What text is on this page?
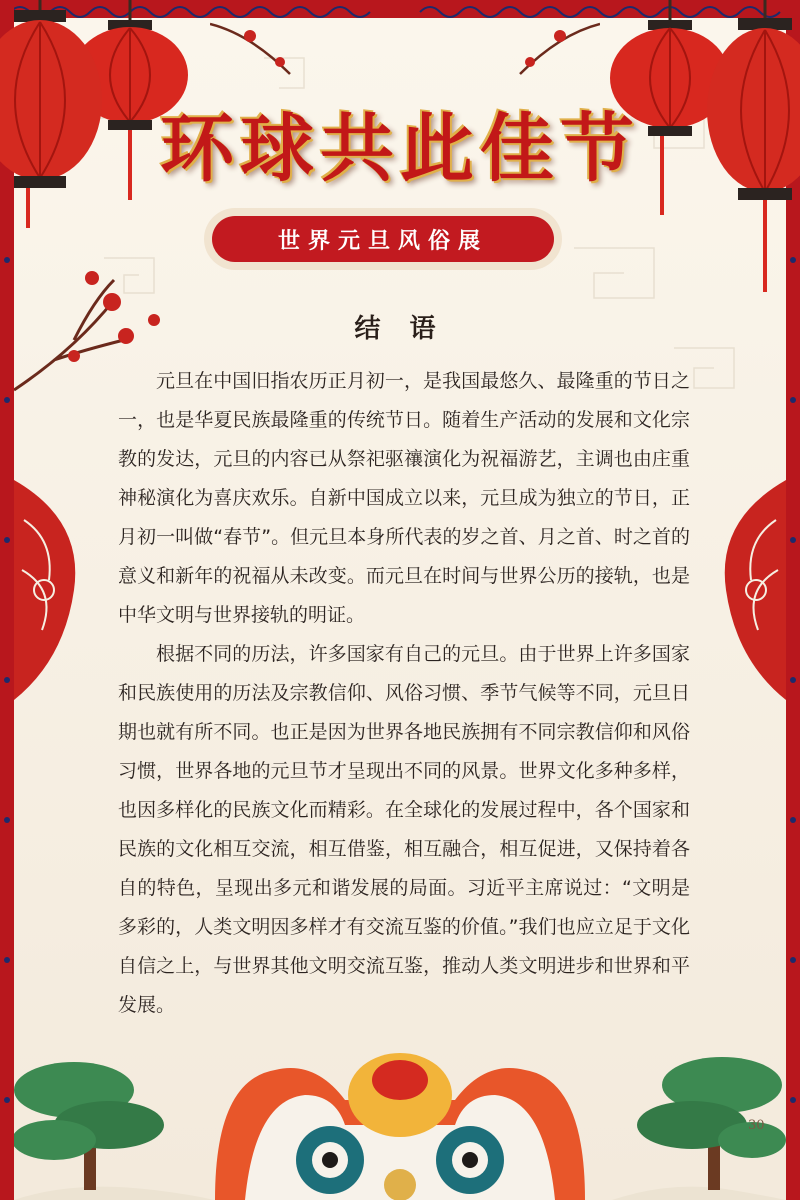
环球共此佳节
世界元旦风俗展
结 语

元旦在中国旧指农历正月初一，是我国最悠久、最隆重的节日之一，也是华夏民族最隆重的传统节日。随着生产活动的发展和文化宗教的发达，元旦的内容已从祭祀驱禳演化为祝福游艺，主调也由庄重神秘演化为喜庆欢乐。自新中国成立以来，元旦成为独立的节日，正月初一叫做“春节”。但元旦本身所代表的岁之首、月之首、时之首的意义和新年的祝福从未改变。而元旦在时间与世界公历的接轨，也是中华文明与世界接轨的明证。

根据不同的历法，许多国家有自己的元旦。由于世界上许多国家和民族使用的历法及宗教信仰、风俗习惯、季节气候等不同，元旦日期也就有所不同。也正是因为世界各地民族拥有不同宗教信仰和风俗习惯，世界各地的元旦节才呈现出不同的风景。世界文化多种多样，也因多样化的民族文化而精彩。在全球化的发展过程中，各个国家和民族的文化相互交流，相互借鉴，相互融合，相互促进，又保持着各自的特色，呈现出多元和谐发展的局面。习近平主席说过：“文明是多彩的，人类文明因多样才有交流互鉴的价值。”我们也应立足于文化自信之上，与世界其他文明交流互鉴，推动人类文明进步和世界和平发展。

30
